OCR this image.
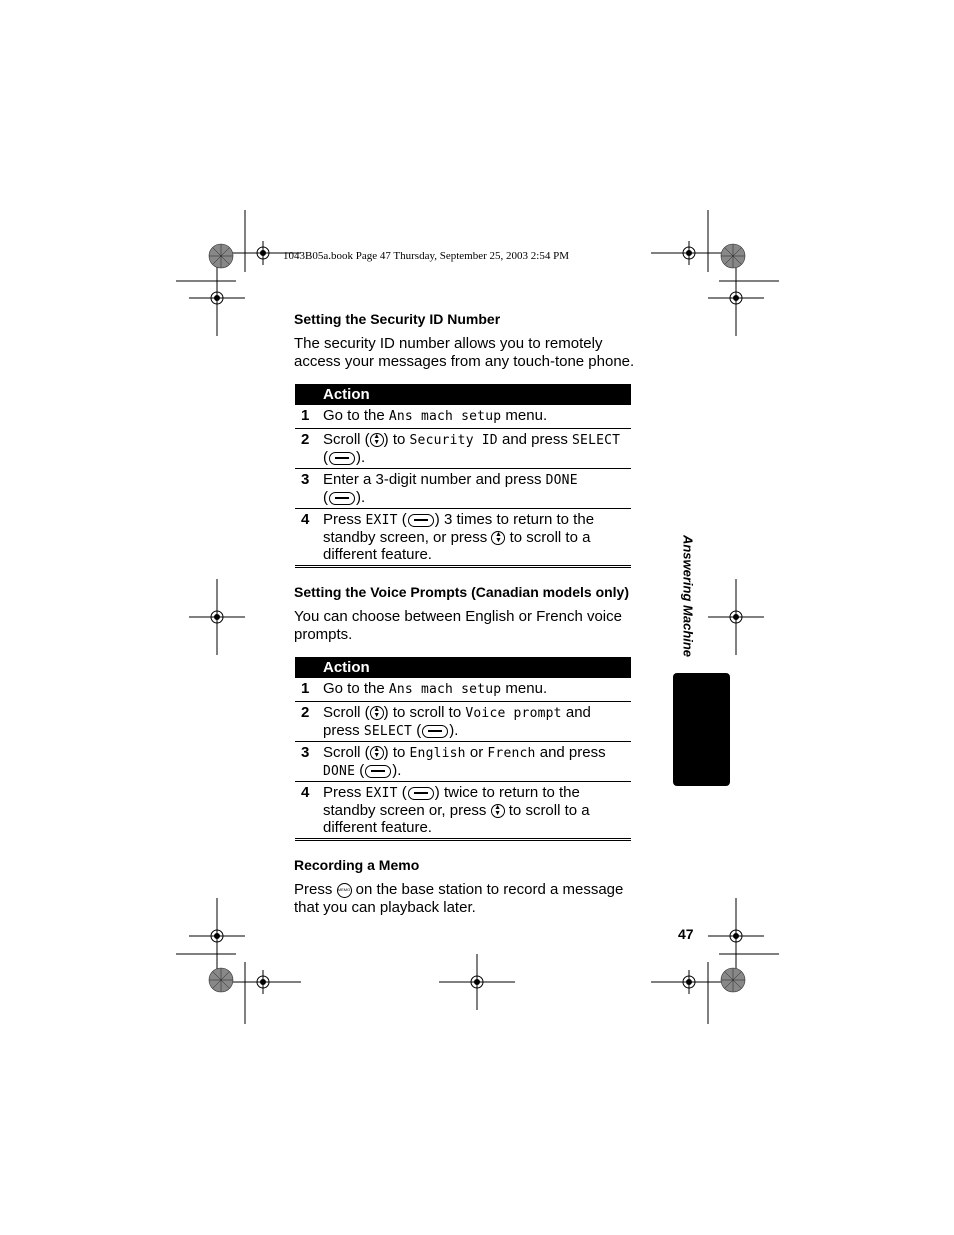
1043B05a.book Page 47 Thursday, September 25, 2003 2:54 PM
Setting the Security ID Number
The security ID number allows you to remotely access your messages from any touch-tone phone.
Action
1 Go to the Ans mach setup menu.
2 Scroll ( ▲
▼ ) to Security ID and press SELECT ( ).
3 Enter a 3-digit number and press DONE
( ).
4 Press EXIT ( ) 3 times to return to the standby screen, or press ▲
▼ to scroll to a different feature.
Setting the Voice Prompts (Canadian models only)
You can choose between English or French voice prompts.
Action
1 Go to the Ans mach setup menu.
2 Scroll ( ▲
▼ ) to scroll to Voice prompt and press SELECT ( ).
3 Scroll ( ▲
▼ ) to English or French and press DONE ( ).
4 Press EXIT ( ) twice to return to the standby screen or, press ▲
▼ to scroll to a different feature.
Recording a Memo
Press MEMO on the base station to record a message that you can playback later.
Answering Machine
47
